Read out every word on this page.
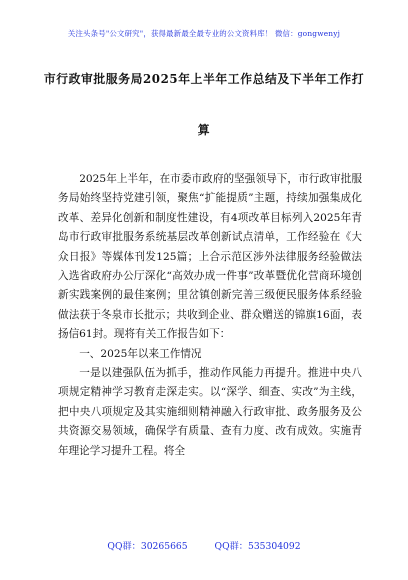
关注头条号"公文研究"，获得最新最全最专业的公文资料库！ 微信：gongwenyj
市行政审批服务局2025年上半年工作总结及下半年工作打
算

2025年上半年，在市委市政府的坚强领导下，市行政审批服务局始终坚持党建引领，聚焦“扩能提质”主题，持续加强集成化改革、差异化创新和制度性建设，有4项改革目标列入2025年青岛市行政审批服务系统基层改革创新试点清单，工作经验在《大众日报》等媒体刊发125篇；上合示范区涉外法律服务经验做法入选省政府办公厅深化“高效办成一件事”改革暨优化营商环境创新实践案例的最佳案例；里岔镇创新完善三级便民服务体系经验做法获于冬泉市长批示；共收到企业、群众赠送的锦旗16面，表扬信61封。现将有关工作报告如下：

一、2025年以来工作情况

一是以建强队伍为抓手，推动作风能力再提升。推进中央八项规定精神学习教育走深走实。以“深学、细查、实改”为主线，把中央八项规定及其实施细则精神融入行政审批、政务服务及公共资源交易领域，确保学有质量、查有力度、改有成效。实施青年理论学习提升工程。将全

QQ群：30265665	QQ群：535304092
